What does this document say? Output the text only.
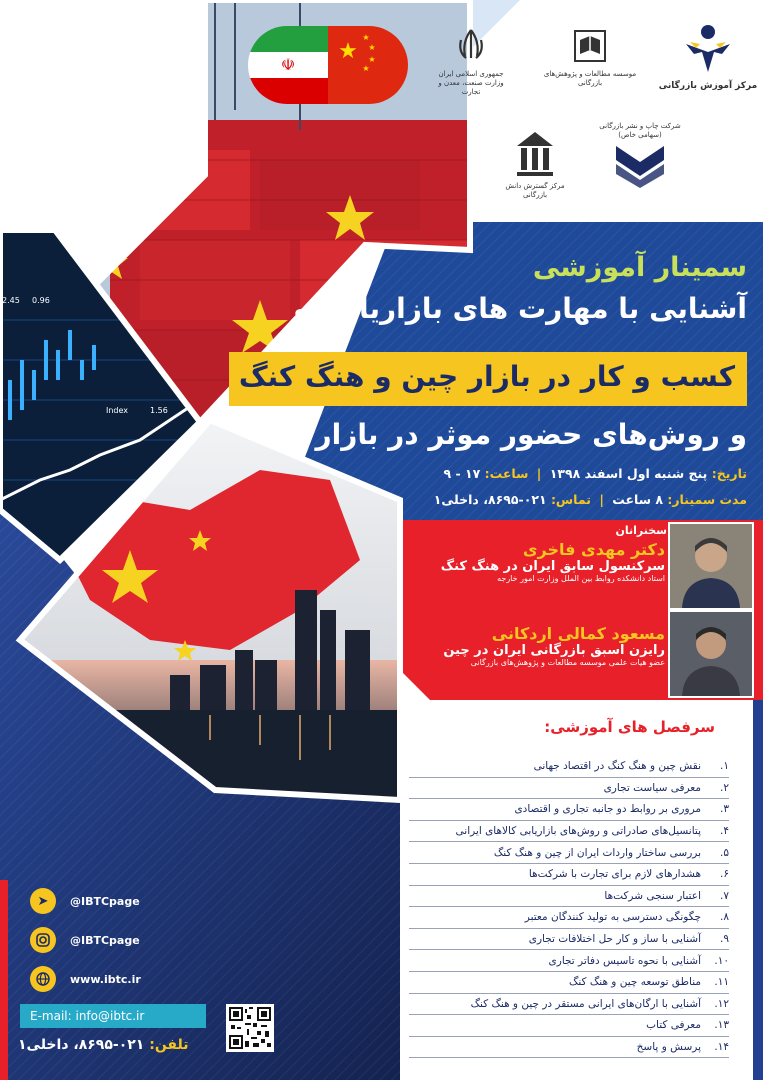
2.45 0.96
Index	1.56
☫
★
★
★
★
★
جمهوری اسلامی ایران
وزارت صنعت، معدن و تجارت
موسسه مطالعات و پژوهش‌های بازرگانی	مرکز آموزش بازرگانی
شرکت چاپ و نشر بازرگانی
(سهامی خاص)
مرکز گسترش دانش بازرگانی
سمینار آموزشی
آشنایی با مهارت های بازاریابی و
کسب و کار در بازار چین و هنگ کنگ
و روش‌های حضور موثر در بازار
تاریخ: پنج شنبه اول اسفند ۱۳۹۸ | ساعت: ۱۷ - ۹
مدت سمینار: ۸ ساعت | تماس: ۰۲۱-۸۶۹۵، داخلی۱
سخنرانان
دکتر مهدی فاخری
سرکنسول سابق ایران در هنگ کنگ
استاد دانشکده روابط بین الملل وزارت امور خارجه
مسعود کمالی اردکانی
رایزن اسبق بازرگانی ایران در چین
عضو هیات علمی موسسه مطالعات و پژوهش‌های بازرگانی
سرفصل های آموزشی:
۱.
نقش چین و هنگ کنگ در اقتصاد جهانی
۲.
معرفی سیاست تجاری
۳.
مروری بر روابط دو جانبه تجاری و اقتصادی
۴.
پتانسیل‌های صادراتی و روش‌های بازاریابی کالاهای ایرانی
۵.
بررسی ساختار واردات ایران از چین و هنگ کنگ
۶.
هشدارهای لازم برای تجارت با شرکت‌ها
۷.
اعتبار سنجی شرکت‌ها
۸.
چگونگی دسترسی به تولید کنندگان معتبر
۹.
آشنایی با ساز و کار حل اختلافات تجاری
۱۰.
آشنایی با نحوه تاسیس دفاتر تجاری
۱۱.
مناطق توسعه چین و هنگ کنگ
۱۲.
آشنایی با ارگان‌های ایرانی مستقر در چین و هنگ کنگ
۱۳.
معرفی کتاب
۱۴.
پرسش و پاسخ
➤	@IBTCpage
@IBTCpage
www.ibtc.ir
E-mail: info@ibtc.ir
تلفن: ۰۲۱-۸۶۹۵، داخلی۱
